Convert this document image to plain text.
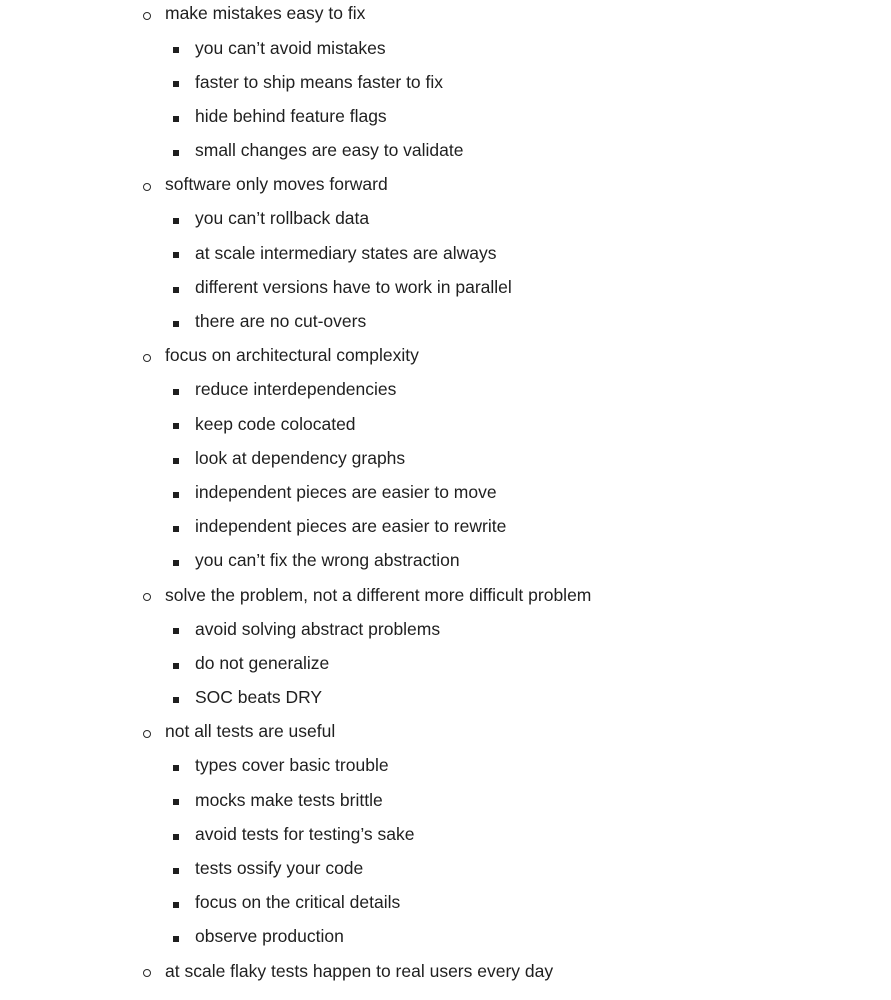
make mistakes easy to fix
you can’t avoid mistakes
faster to ship means faster to fix
hide behind feature flags
small changes are easy to validate
software only moves forward
you can’t rollback data
at scale intermediary states are always
different versions have to work in parallel
there are no cut-overs
focus on architectural complexity
reduce interdependencies
keep code colocated
look at dependency graphs
independent pieces are easier to move
independent pieces are easier to rewrite
you can’t fix the wrong abstraction
solve the problem, not a different more difficult problem
avoid solving abstract problems
do not generalize
SOC beats DRY
not all tests are useful
types cover basic trouble
mocks make tests brittle
avoid tests for testing’s sake
tests ossify your code
focus on the critical details
observe production
at scale flaky tests happen to real users every day
